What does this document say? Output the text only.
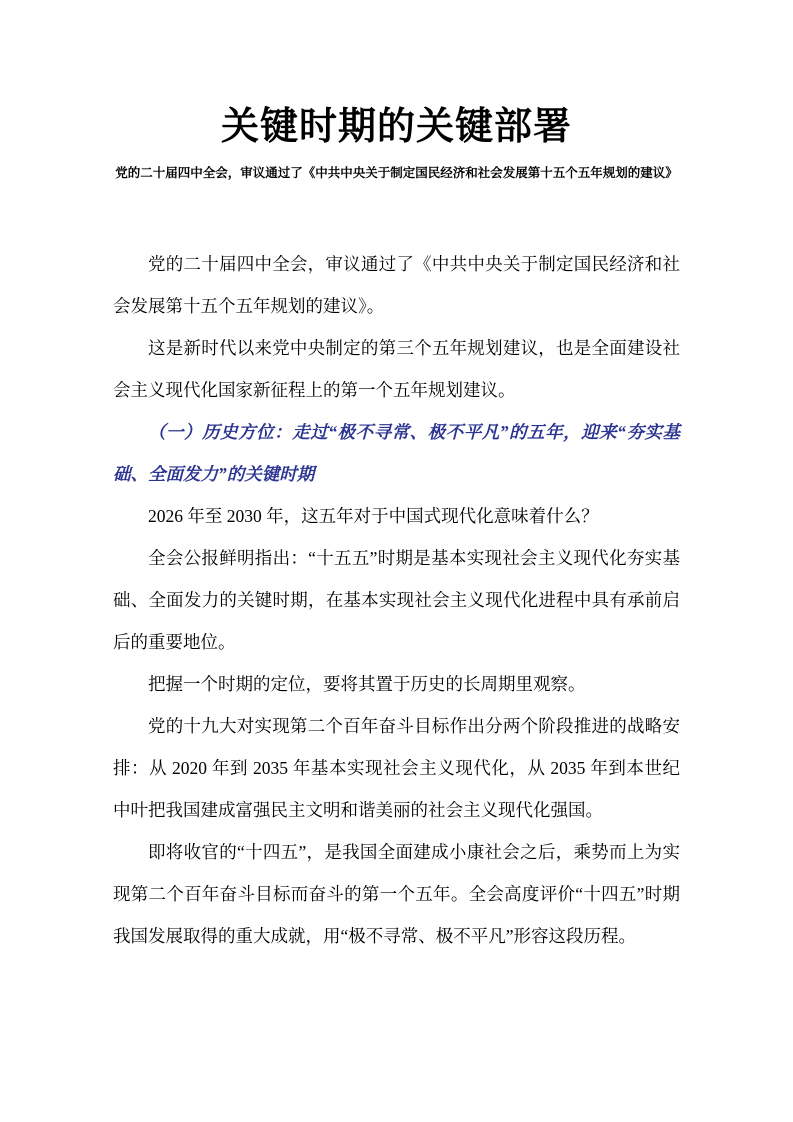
关键时期的关键部署
党的二十届四中全会，审议通过了《中共中央关于制定国民经济和社会发展第十五个五年规划的建议》

党的二十届四中全会，审议通过了《中共中央关于制定国民经济和社会发展第十五个五年规划的建议》。

这是新时代以来党中央制定的第三个五年规划建议，也是全面建设社会主义现代化国家新征程上的第一个五年规划建议。

（一）历史方位：走过“极不寻常、极不平凡”的五年，迎来“夯实基础、全面发力”的关键时期

2026 年至 2030 年，这五年对于中国式现代化意味着什么？

全会公报鲜明指出：“十五五”时期是基本实现社会主义现代化夯实基础、全面发力的关键时期，在基本实现社会主义现代化进程中具有承前启后的重要地位。

把握一个时期的定位，要将其置于历史的长周期里观察。

党的十九大对实现第二个百年奋斗目标作出分两个阶段推进的战略安排：从 2020 年到 2035 年基本实现社会主义现代化，从 2035 年到本世纪中叶把我国建成富强民主文明和谐美丽的社会主义现代化强国。

即将收官的“十四五”，是我国全面建成小康社会之后，乘势而上为实现第二个百年奋斗目标而奋斗的第一个五年。全会高度评价“十四五”时期我国发展取得的重大成就，用“极不寻常、极不平凡”形容这段历程。
